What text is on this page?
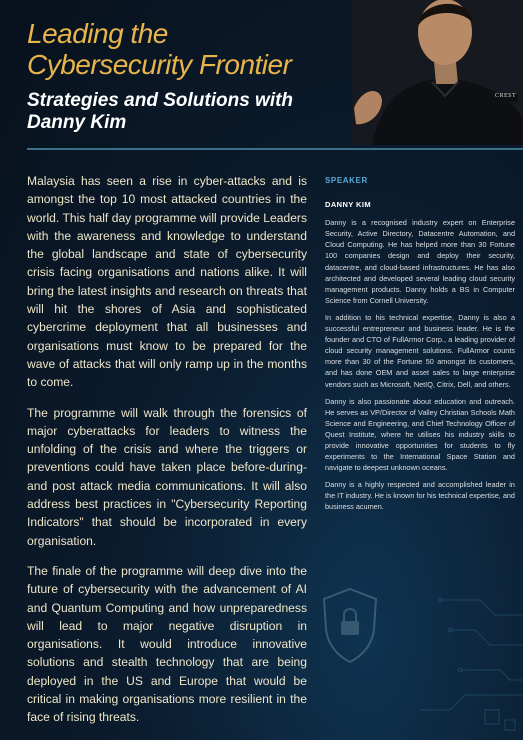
Leading the Cybersecurity Frontier
Strategies and Solutions with Danny Kim
CREST

Malaysia has seen a rise in cyber-attacks and is amongst the top 10 most attacked countries in the world. This half day programme will provide Leaders with the awareness and knowledge to understand the global landscape and state of cybersecurity crisis facing organisations and nations alike. It will bring the latest insights and research on threats that will hit the shores of Asia and sophisticated cybercrime deployment that all businesses and organisations must know to be prepared for the wave of attacks that will only ramp up in the months to come.

The programme will walk through the forensics of major cyberattacks for leaders to witness the unfolding of the crisis and where the triggers or preventions could have taken place before-during-and post attack media communications. It will also address best practices in "Cybersecurity Reporting Indicators" that should be incorporated in every organisation.

The finale of the programme will deep dive into the future of cybersecurity with the advancement of AI and Quantum Computing and how unpreparedness will lead to major negative disruption in organisations. It would introduce innovative solutions and stealth technology that are being deployed in the US and Europe that would be critical in making organisations more resilient in the face of rising threats.

SPEAKER
DANNY KIM

Danny is a recognised industry expert on Enterprise Security, Active Directory, Datacentre Automation, and Cloud Computing. He has helped more than 30 Fortune 100 companies design and deploy their security, datacentre, and cloud-based infrastructures. He has also architected and developed several leading cloud security management products. Danny holds a BS in Computer Science from Cornell University.

In addition to his technical expertise, Danny is also a successful entrepreneur and business leader. He is the founder and CTO of FullArmor Corp., a leading provider of cloud security management solutions. FullArmor counts more than 30 of the Fortune 50 amongst its customers, and has done OEM and asset sales to large enterprise vendors such as Microsoft, NetIQ, Citrix, Dell, and others.

Danny is also passionate about education and outreach. He serves as VP/Director of Valley Christian Schools Math Science and Engineering, and Chief Technology Officer of Quest Institute, where he utilises his industry skills to provide innovative opportunities for students to fly experiments to the International Space Station and navigate to deepest unknown oceans.

Danny is a highly respected and accomplished leader in the IT industry. He is known for his technical expertise, and business acumen.
